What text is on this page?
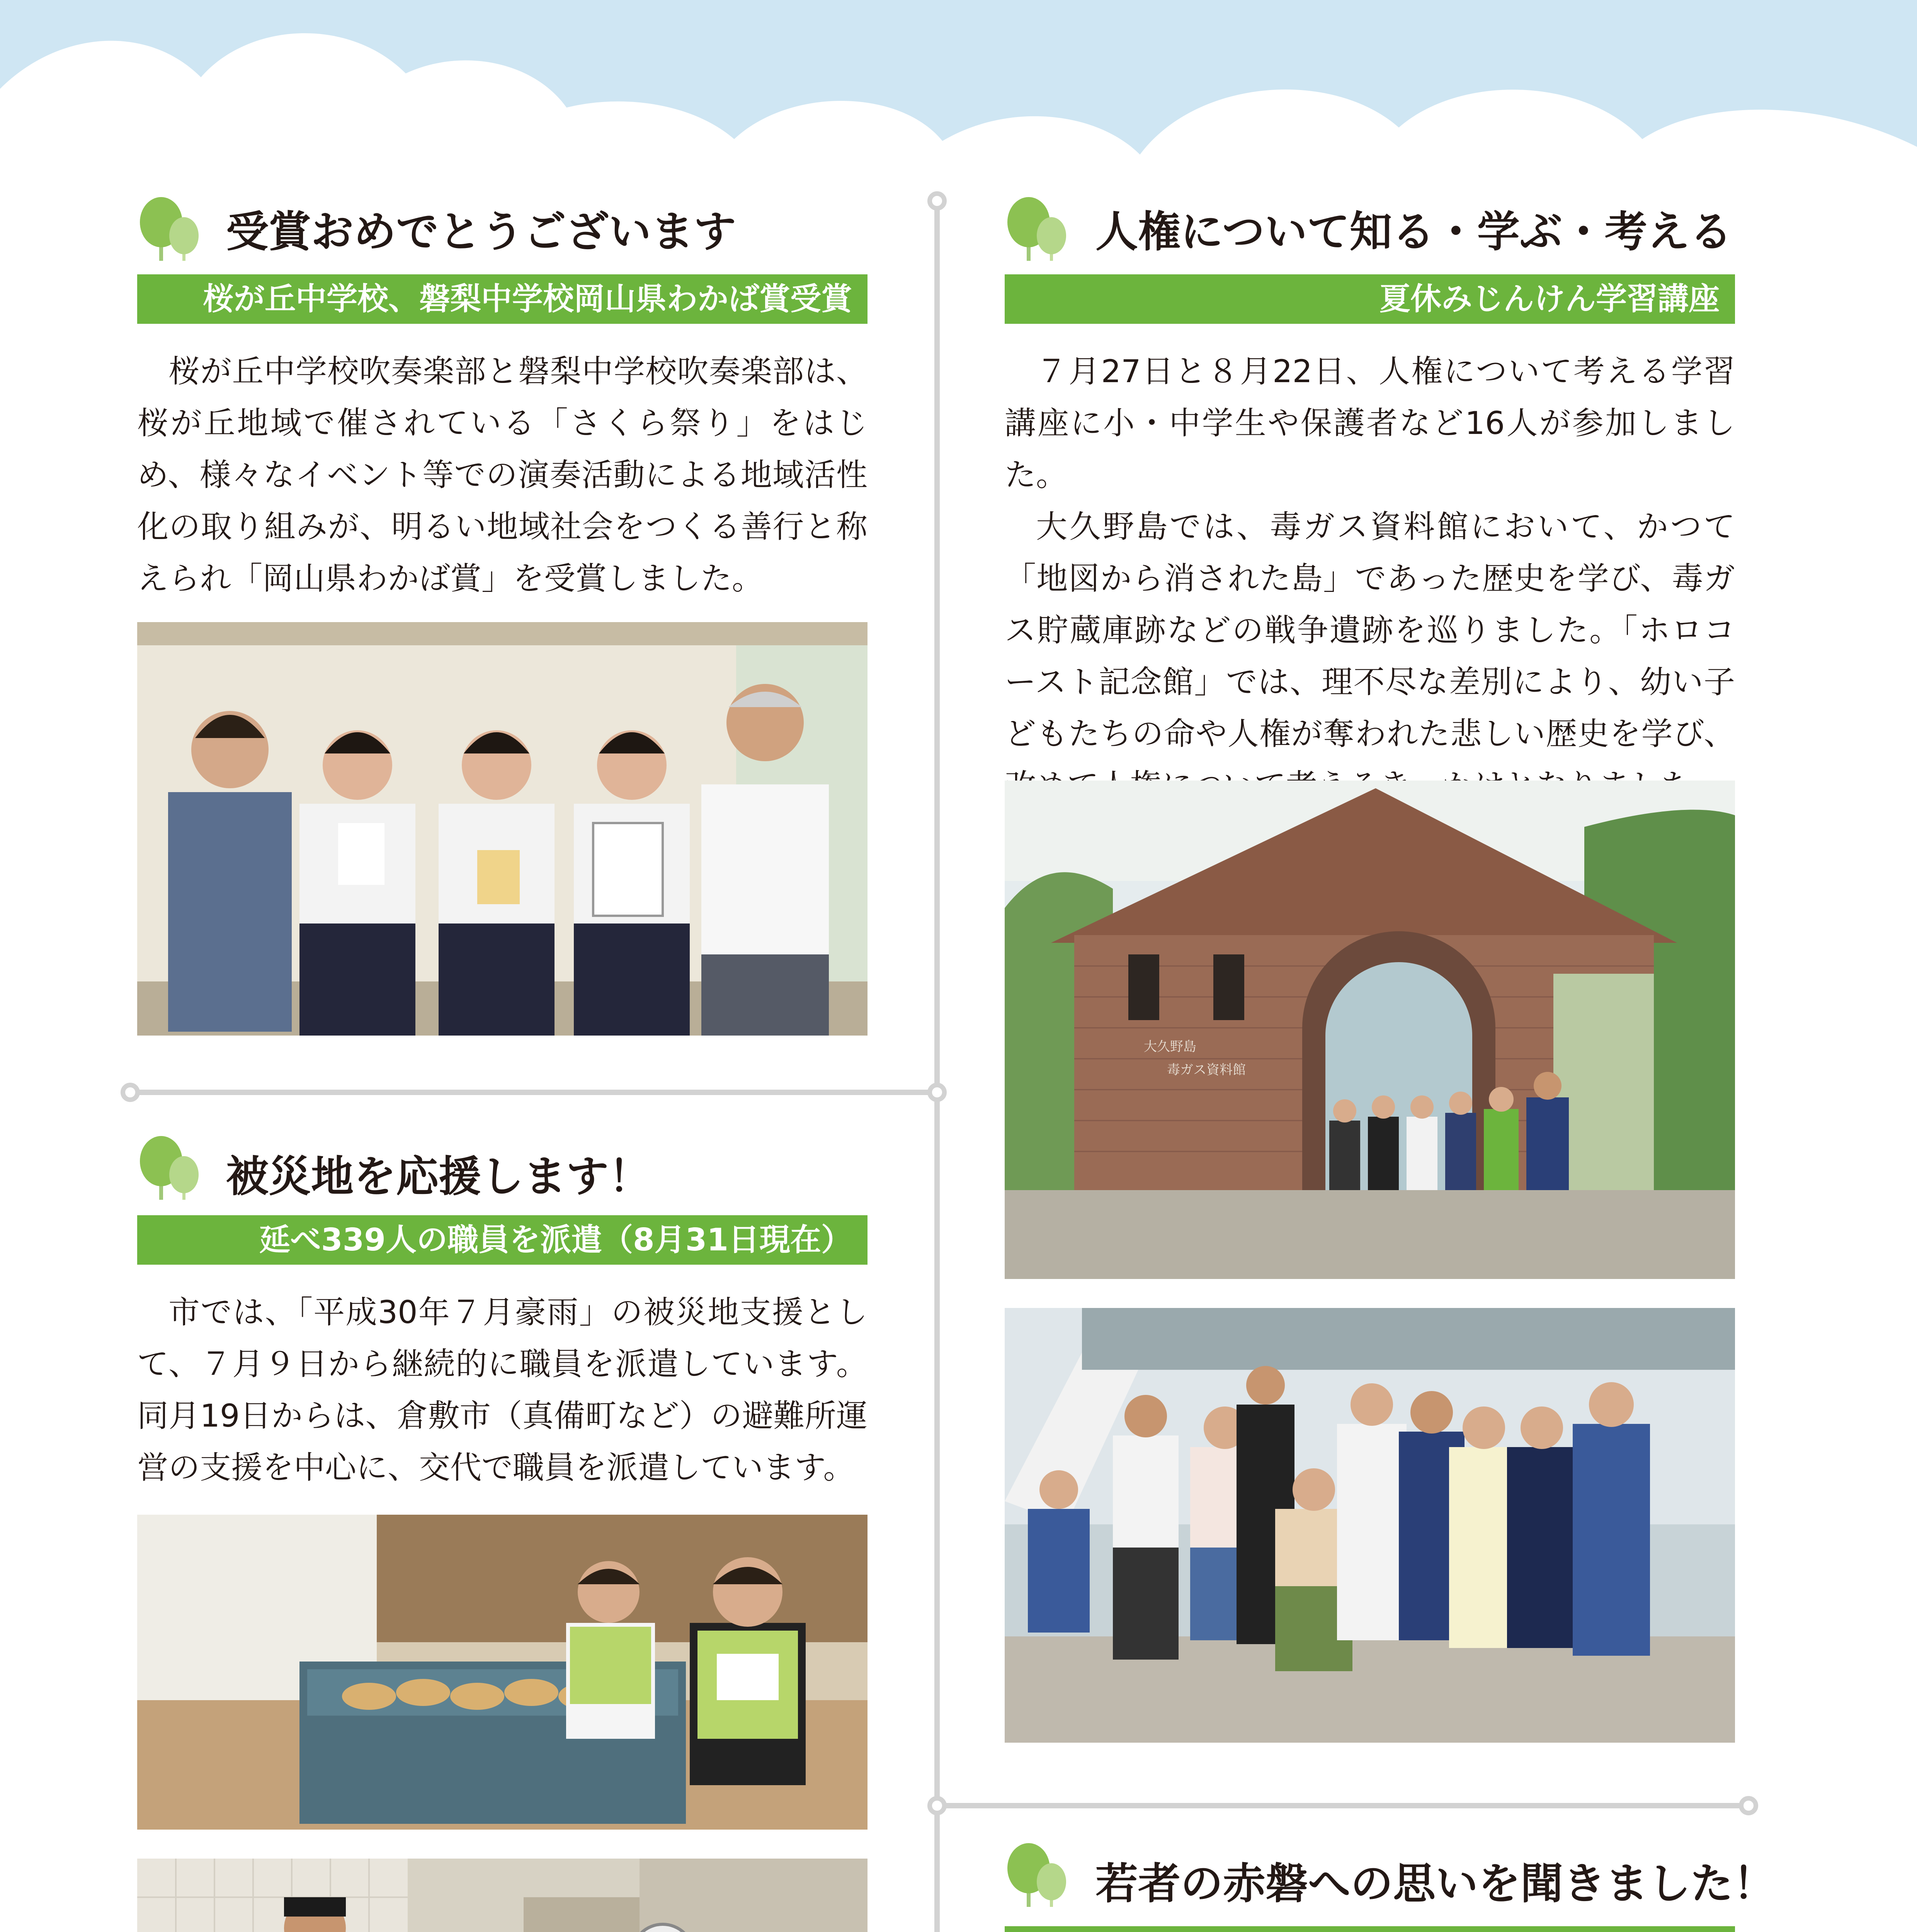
受賞おめでとうございます
桜が丘中学校、磐梨中学校岡山県わかば賞受賞

桜が丘中学校吹奏楽部と磐梨中学校吹奏楽部は、桜が丘地域で催されている「さくら祭り」をはじめ、様々なイベント等での演奏活動による地域活性化の取り組みが、明るい地域社会をつくる善行と称えられ「岡山県わかば賞」を受賞しました。

被災地を応援します！
延べ339人の職員を派遣（8月31日現在）

市では、「平成30年７月豪雨」の被災地支援として、７月９日から継続的に職員を派遣しています。同月19日からは、倉敷市（真備町など）の避難所運営の支援を中心に、交代で職員を派遣しています。

人権について知る・学ぶ・考える
夏休みじんけん学習講座

７月27日と８月22日、人権について考える学習講座に小・中学生や保護者など16人が参加しました。

大久野島では、毒ガス資料館において、かつて「地図から消された島」であった歴史を学び、毒ガス貯蔵庫跡などの戦争遺跡を巡りました。「ホロコースト記念館」では、理不尽な差別により、幼い子どもたちの命や人権が奪われた悲しい歴史を学び、

大久野島
毒ガス資料館
若者の赤磐への思いを聞きました！
